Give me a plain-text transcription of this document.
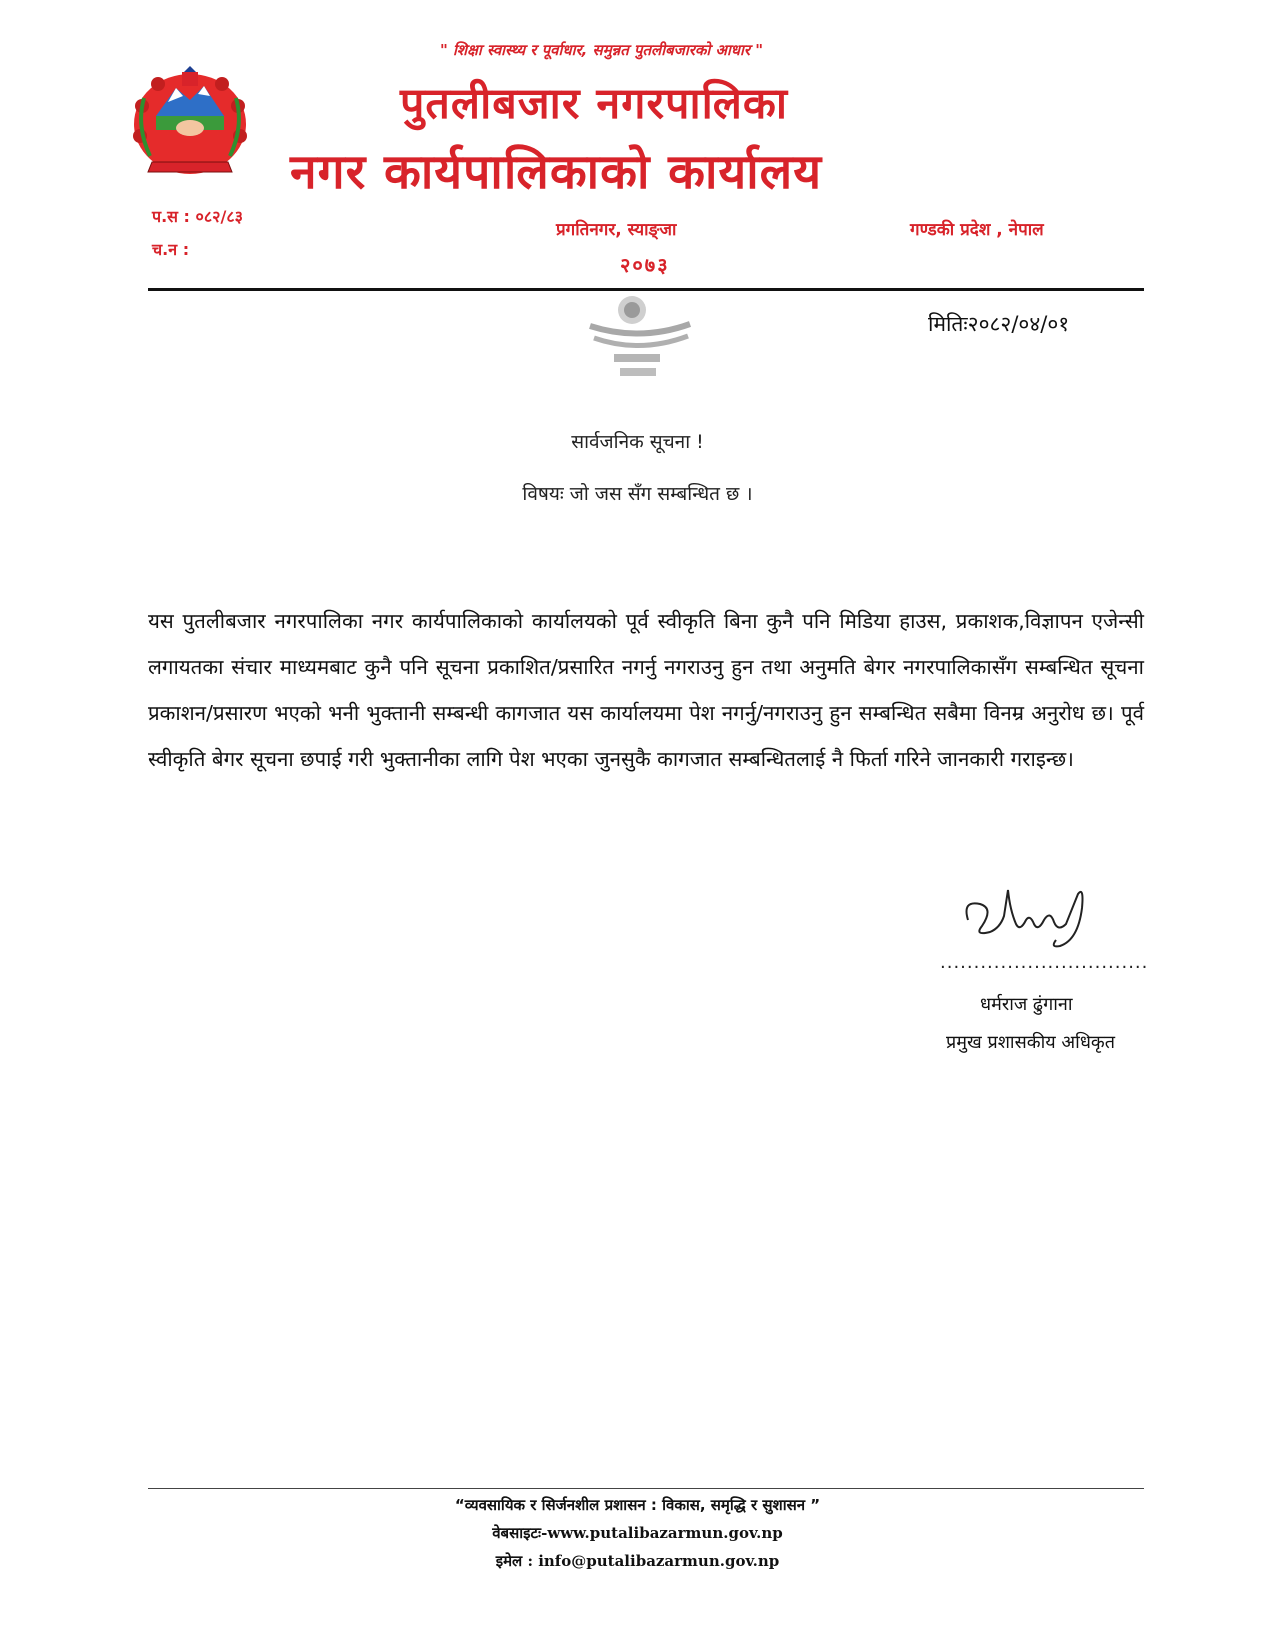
" शिक्षा स्वास्थ्य र पूर्वाधार, समुन्नत पुतलीबजारको आधार "
पुतलीबजार नगरपालिका
नगर कार्यपालिकाको कार्यालय
प.स : ०८२/८३
च.न :
प्रगतिनगर, स्याङ्जा
२०७३
गण्डकी प्रदेश , नेपाल
मितिः२०८२/०४/०१
सार्वजनिक सूचना !
विषयः जो जस सँग सम्बन्धित छ ।
यस पुतलीबजार नगरपालिका नगर कार्यपालिकाको कार्यालयको पूर्व स्वीकृति बिना कुनै पनि मिडिया हाउस, प्रकाशक,विज्ञापन एजेन्सी लगायतका संचार माध्यमबाट कुनै पनि सूचना प्रकाशित/प्रसारित नगर्नु नगराउनु हुन तथा अनुमति बेगर नगरपालिकासँग सम्बन्धित सूचना प्रकाशन/प्रसारण भएको भनी भुक्तानी सम्बन्धी कागजात यस कार्यालयमा पेश नगर्नु/नगराउनु हुन सम्बन्धित सबैमा विनम्र अनुरोध छ। पूर्व स्वीकृति बेगर सूचना छपाई गरी भुक्तानीका लागि पेश भएका जुनसुकै कागजात सम्बन्धितलाई नै फिर्ता गरिने जानकारी गराइन्छ।
...............................
धर्मराज ढुंगाना
प्रमुख प्रशासकीय अधिकृत
“व्यवसायिक र सिर्जनशील प्रशासन : विकास, समृद्धि र सुशासन ”
वेबसाइटः-www.putalibazarmun.gov.np
इमेल : info@putalibazarmun.gov.np
